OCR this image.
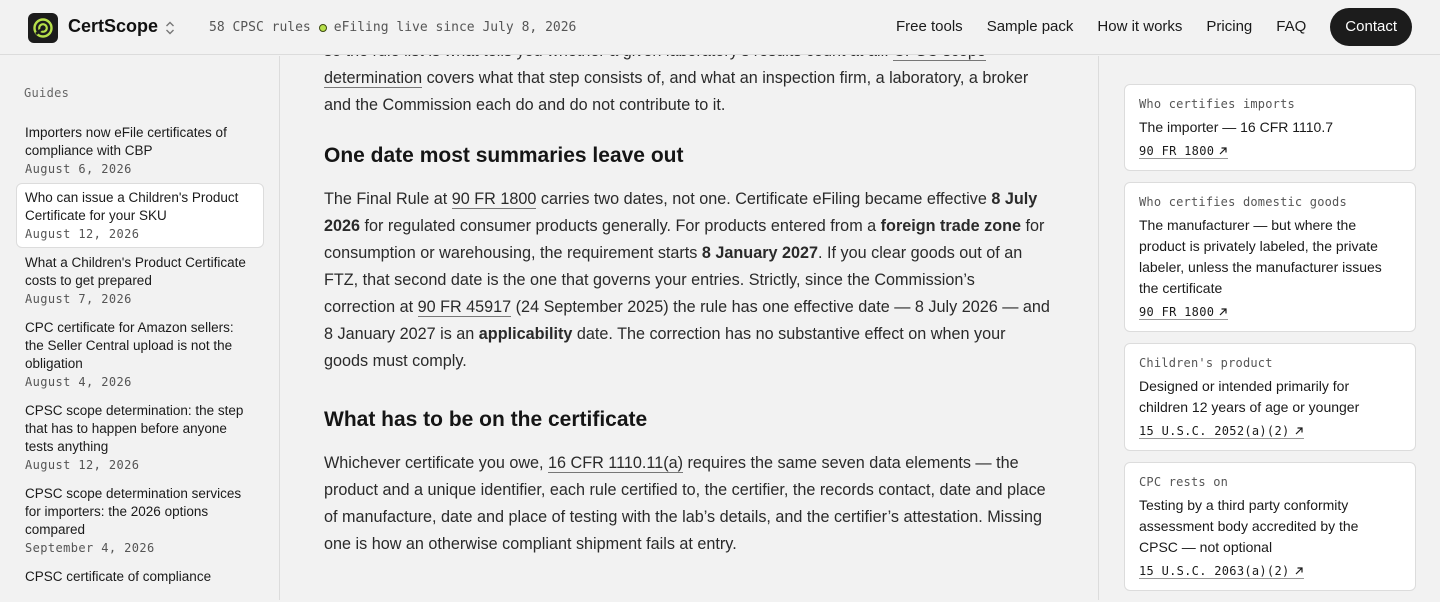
CertScope	58 CPSC rules eFiling live since July 8, 2026	Free tools Sample pack How it works Pricing FAQ	Contact
Guides
Importers now eFile certificates of compliance with CBP
August 6, 2026
Who can issue a Children's Product Certificate for your SKU
August 12, 2026
What a Children's Product Certificate costs to get prepared
August 7, 2026
CPC certificate for Amazon sellers: the Seller Central upload is not the obligation
August 4, 2026
CPSC scope determination: the step that has to happen before anyone tests anything
August 12, 2026
CPSC scope determination services for importers: the 2026 options compared
September 4, 2026
CPSC certificate of compliance

determination covers what that step consists of, and what an inspection firm, a laboratory, a broker and the Commission each do and do not contribute to it.

One date most summaries leave out

The Final Rule at 90 FR 1800 carries two dates, not one. Certificate eFiling became effective 8 July 2026 for regulated consumer products generally. For products entered from a foreign trade zone for consumption or warehousing, the requirement starts 8 January 2027. If you clear goods out of an FTZ, that second date is the one that governs your entries. Strictly, since the Commission’s correction at 90 FR 45917 (24 September 2025) the rule has one effective date — 8 July 2026 — and 8 January 2027 is an applicability date. The correction has no substantive effect on when your goods must comply.

What has to be on the certificate

Whichever certificate you owe, 16 CFR 1110.11(a) requires the same seven data elements — the product and a unique identifier, each rule certified to, the certifier, the records contact, date and place of manufacture, date and place of testing with the lab’s details, and the certifier’s attestation. Missing one is how an otherwise compliant shipment fails at entry.

Who certifies imports
The importer — 16 CFR 1110.7
90 FR 1800
Who certifies domestic goods
The manufacturer — but where the product is privately labeled, the private labeler, unless the manufacturer issues the certificate
90 FR 1800
Children's product
Designed or intended primarily for children 12 years of age or younger
15 U.S.C. 2052(a)(2)
CPC rests on
Testing by a third party conformity assessment body accredited by the CPSC — not optional
15 U.S.C. 2063(a)(2)
